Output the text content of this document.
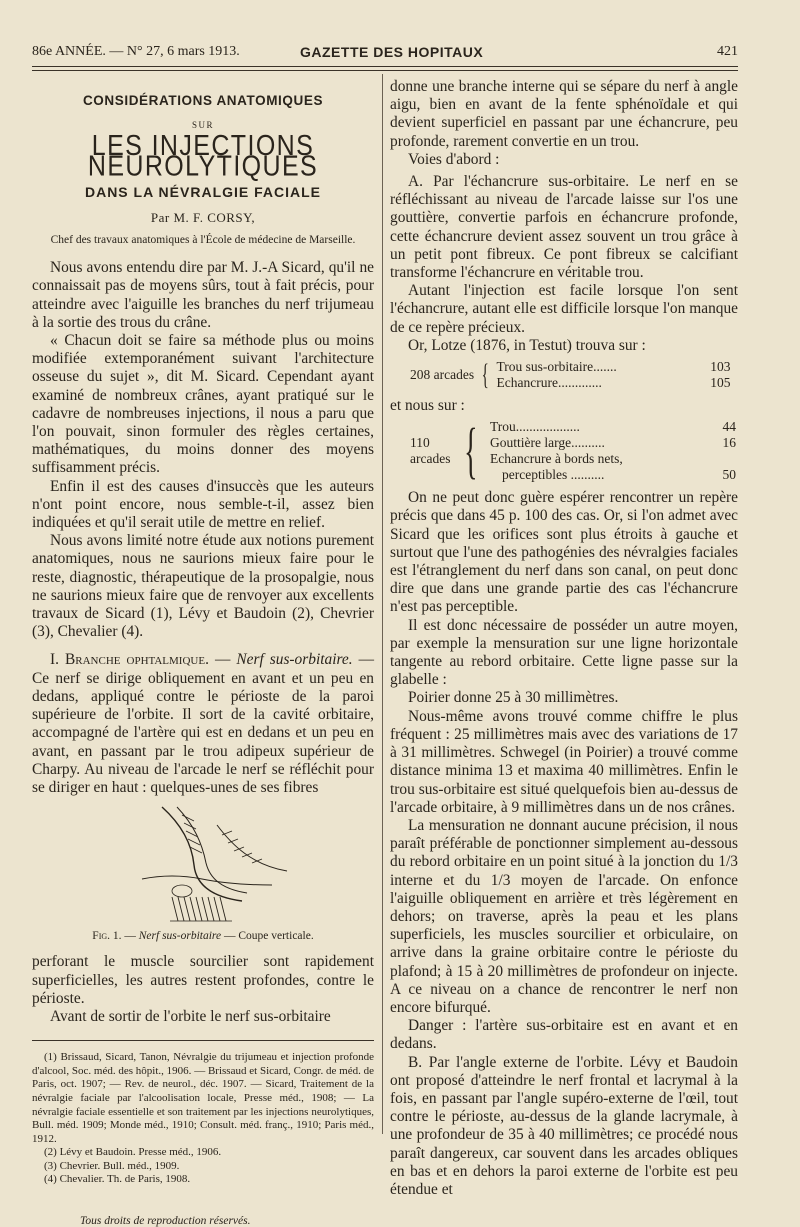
86e ANNÉE. — N° 27, 6 mars 1913.	GAZETTE DES HOPITAUX	421

CONSIDÉRATIONS ANATOMIQUES

SUR

LES INJECTIONS NEUROLYTIQUES

DANS LA NÉVRALGIE FACIALE

Par M. F. CORSY,

Chef des travaux anatomiques à l'École de médecine de Marseille.

Nous avons entendu dire par M. J.-A Sicard, qu'il ne connaissait pas de moyens sûrs, tout à fait précis, pour atteindre avec l'aiguille les branches du nerf trijumeau à la sortie des trous du crâne.

« Chacun doit se faire sa méthode plus ou moins modifiée extemporanément suivant l'architecture osseuse du sujet », dit M. Sicard. Cependant ayant examiné de nombreux crânes, ayant pratiqué sur le cadavre de nombreuses injections, il nous a paru que l'on pouvait, sinon formuler des règles certaines, mathématiques, du moins donner des moyens suffisamment précis.

Enfin il est des causes d'insuccès que les auteurs n'ont point encore, nous semble-t-il, assez bien indiquées et qu'il serait utile de mettre en relief.

Nous avons limité notre étude aux notions purement anatomiques, nous ne saurions mieux faire pour le reste, diagnostic, thérapeutique de la prosopalgie, nous ne saurions mieux faire que de renvoyer aux excellents travaux de Sicard (1), Lévy et Baudoin (2), Chevrier (3), Chevalier (4).

I. Branche ophtalmique. — Nerf sus-orbitaire. — Ce nerf se dirige obliquement en avant et un peu en dedans, appliqué contre le périoste de la paroi supérieure de l'orbite. Il sort de la cavité orbitaire, accompagné de l'artère qui est en dedans et un peu en avant, en passant par le trou adipeux supérieur de Charpy. Au niveau de l'arcade le nerf se réfléchit pour se diriger en haut : quelques-unes de ses fibres

Fig. 1. — Nerf sus-orbitaire — Coupe verticale.

perforant le muscle sourcilier sont rapidement superficielles, les autres restent profondes, contre le périoste.

Avant de sortir de l'orbite le nerf sus-orbitaire

(1) Brissaud, Sicard, Tanon, Névralgie du trijumeau et injection profonde d'alcool, Soc. méd. des hôpit., 1906. — Brissaud et Sicard, Congr. de méd. de Paris, oct. 1907; — Rev. de neurol., déc. 1907. — Sicard, Traitement de la névralgie faciale par l'alcoolisation locale, Presse méd., 1908; — La névralgie faciale essentielle et son traitement par les injections neurolytiques, Bull. méd. 1909; Monde méd., 1910; Consult. méd. franç., 1910; Paris méd., 1912.

(2) Lévy et Baudoin. Presse méd., 1906.

(3) Chevrier. Bull. méd., 1909.

(4) Chevalier. Th. de Paris, 1908.

Tous droits de reproduction réservés.

donne une branche interne qui se sépare du nerf à angle aigu, bien en avant de la fente sphénoïdale et qui devient superficiel en passant par une échancrure, peu profonde, rarement convertie en un trou.

Voies d'abord :

A. Par l'échancrure sus-orbitaire. Le nerf en se réfléchissant au niveau de l'arcade laisse sur l'os une gouttière, convertie parfois en échancrure profonde, cette échancrure devient assez souvent un trou grâce à un petit pont fibreux. Ce pont fibreux se calcifiant transforme l'échancrure en véritable trou.

Autant l'injection est facile lorsque l'on sent l'échancrure, autant elle est difficile lorsque l'on manque de ce repère précieux.

Or, Lotze (1876, in Testut) trouva sur :

208 arcades	{	Trou sus-orbitaire.......	103
		Echancrure.............	105

et nous sur :

110 arcades	{	Trou...................	44
		Gouttière large..........	16
		Echancrure à bords nets,	
		perceptibles ..........	50

On ne peut donc guère espérer rencontrer un repère précis que dans 45 p. 100 des cas. Or, si l'on admet avec Sicard que les orifices sont plus étroits à gauche et surtout que l'une des pathogénies des névralgies faciales est l'étranglement du nerf dans son canal, on peut donc dire que dans une grande partie des cas l'échancrure n'est pas perceptible.

Il est donc nécessaire de posséder un autre moyen, par exemple la mensuration sur une ligne horizontale tangente au rebord orbitaire. Cette ligne passe sur la glabelle :

Poirier donne 25 à 30 millimètres.

Nous-même avons trouvé comme chiffre le plus fréquent : 25 millimètres mais avec des variations de 17 à 31 millimètres. Schwegel (in Poirier) a trouvé comme distance minima 13 et maxima 40 millimètres. Enfin le trou sus-orbitaire est situé quelquefois bien au-dessus de l'arcade orbitaire, à 9 millimètres dans un de nos crânes.

La mensuration ne donnant aucune précision, il nous paraît préférable de ponctionner simplement au-dessous du rebord orbitaire en un point situé à la jonction du 1/3 interne et du 1/3 moyen de l'arcade. On enfonce l'aiguille obliquement en arrière et très légèrement en dehors; on traverse, après la peau et les plans superficiels, les muscles sourcilier et orbiculaire, on arrive dans la graine orbitaire contre le périoste du plafond; à 15 à 20 millimètres de profondeur on injecte. A ce niveau on a chance de rencontrer le nerf non encore bifurqué.

Danger : l'artère sus-orbitaire est en avant et en dedans.

B. Par l'angle externe de l'orbite. Lévy et Baudoin ont proposé d'atteindre le nerf frontal et lacrymal à la fois, en passant par l'angle supéro-externe de l'œil, tout contre le périoste, au-dessus de la glande lacrymale, à une profondeur de 35 à 40 millimètres; ce procédé nous paraît dangereux, car souvent dans les arcades obliques en bas et en dehors la paroi externe de l'orbite est peu étendue et
